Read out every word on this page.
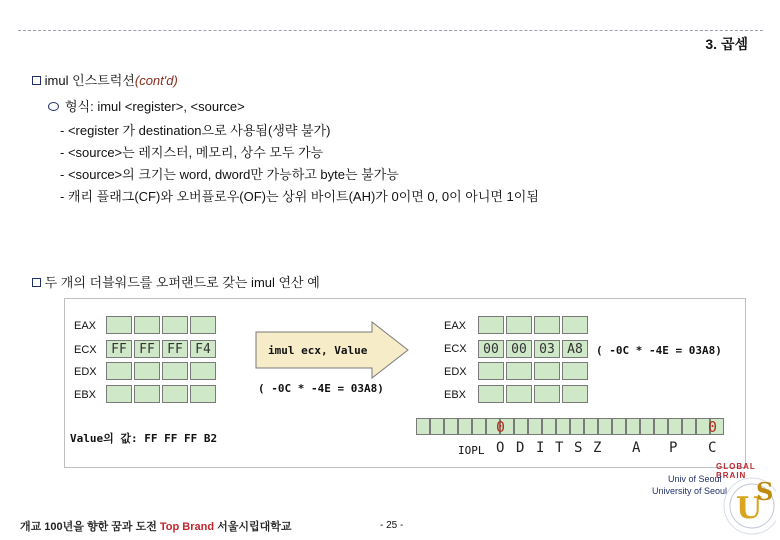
3. 곱셈
imul 인스트럭션(cont'd)
형식: imul <register>, <source>
- <register 가 destination으로 사용됨(생략 불가)
- <source>는 레지스터, 메모리, 상수 모두 가능
- <source>의 크기는 word, dword만 가능하고 byte는 불가능
- 캐리 플래그(CF)와 오버플로우(OF)는 상위 바이트(AH)가 0이면 0, 0이 아니면 1이됨
두 개의 더블워드를 오퍼랜드로 갖는 imul 연산 예
EAX
ECX	FF FF FF F4
EDX
EBX
imul ecx, Value
( -0C * -4E = 03A8)
EAX
ECX	00 00 03 A8	( -0C * -4E = 03A8)
EDX
EBX
Value의 값: FF FF FF B2
0	0
IOPL O D I T S Z A P C
개교 100년을 향한 꿈과 도전 Top Brand 서울시립대학교	- 25 -
GLOBAL BRAIN
Univ of Seoul
University of Seoul U
S
